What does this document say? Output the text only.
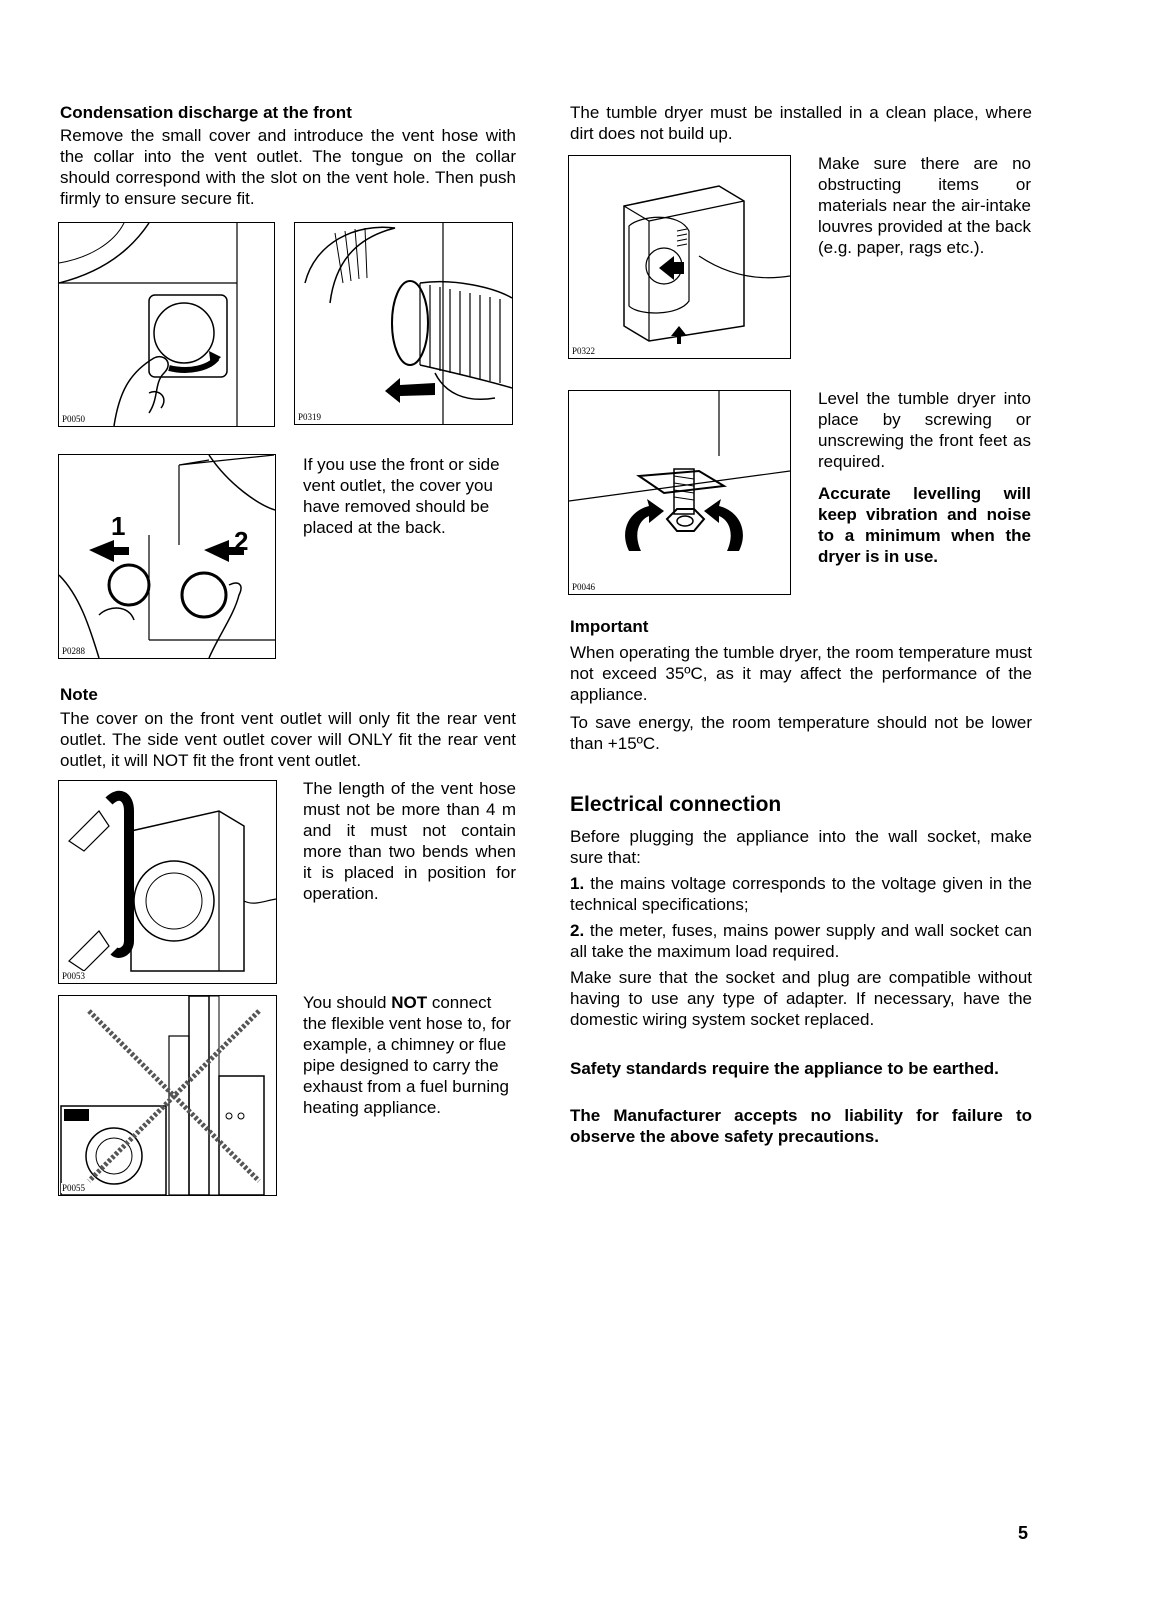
Condensation discharge at the front

Remove the small cover and introduce the vent hose with the collar into the vent outlet. The tongue on the collar should correspond with the slot on the vent hole. Then push firmly to ensure secure fit.

P0050	P0319
1	2
P0288

If you use the front or side vent outlet, the cover you have removed should be placed at the back.

Note

The cover on the front vent outlet will only fit the rear vent outlet. The side vent outlet cover will ONLY fit the rear vent outlet, it will NOT fit the front vent outlet.

P0053

The length of the vent hose must not be more than 4 m and it must not contain more than two bends when it is placed in position for operation.

P0055

You should NOT connect the flexible vent hose to, for example, a chimney or flue pipe designed to carry the exhaust from a fuel burning heating appliance.

The tumble dryer must be installed in a clean place, where dirt does not build up.

P0322

Make sure there are no obstructing items or materials near the air-intake louvres provided at the back (e.g. paper, rags etc.).

P0046

Level the tumble dryer into place by screwing or unscrewing the front feet as required.

Accurate levelling will keep vibration and noise to a minimum when the dryer is in use.

Important

When operating the tumble dryer, the room temperature must not exceed 35ºC, as it may affect the performance of the appliance.

To save energy, the room temperature should not be lower than +15ºC.

Electrical connection

Before plugging the appliance into the wall socket, make sure that:

1. the mains voltage corresponds to the voltage given in the technical specifications;

2. the meter, fuses, mains power supply and wall socket can all take the maximum load required.

Make sure that the socket and plug are compatible without having to use any type of adapter. If necessary, have the domestic wiring system socket replaced.

Safety standards require the appliance to be earthed.

The Manufacturer accepts no liability for failure to observe the above safety precautions.

5
